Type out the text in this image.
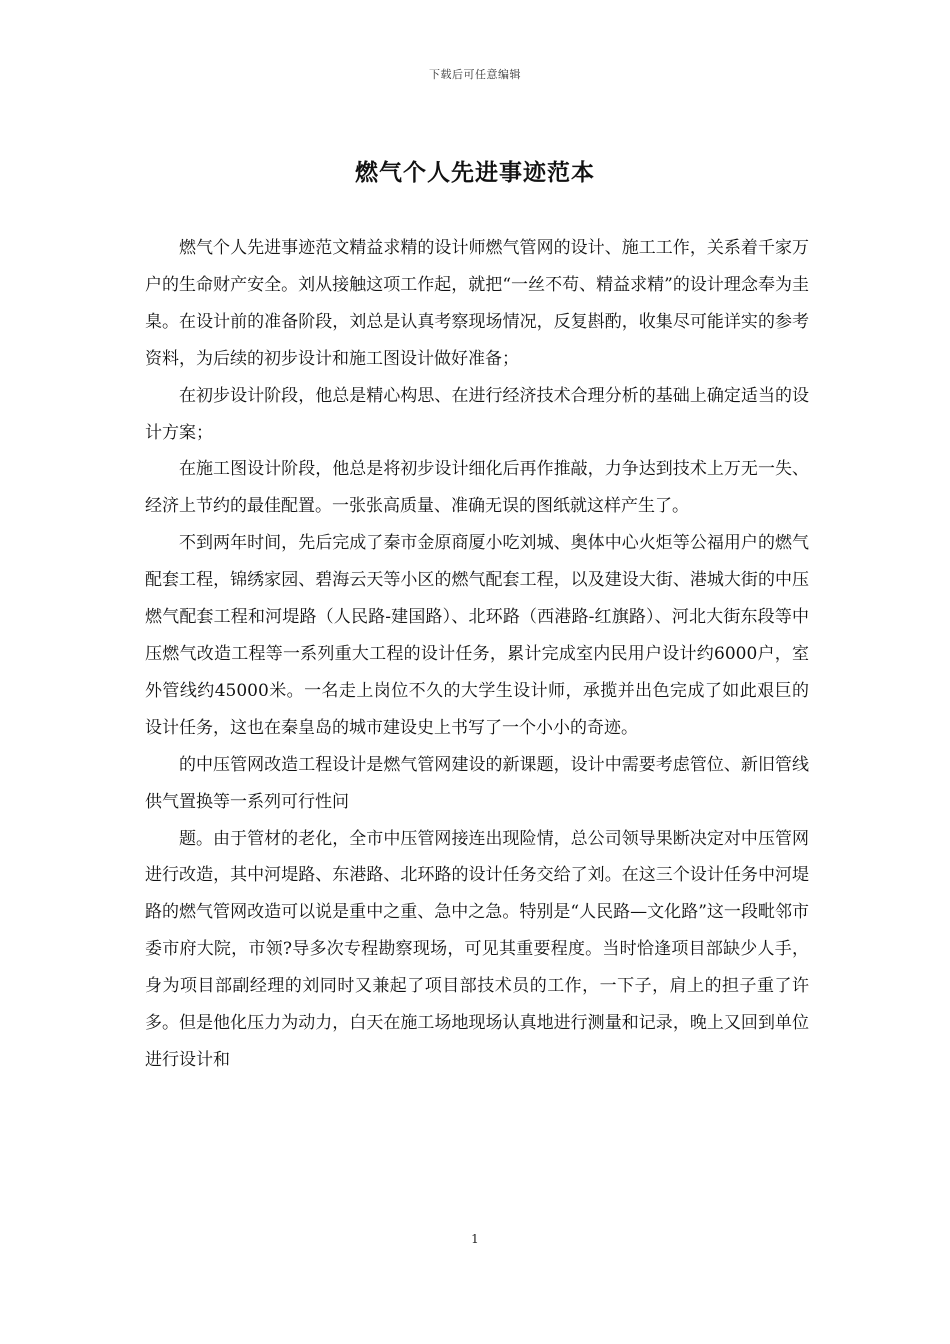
下载后可任意编辑
燃气个人先进事迹范本

燃气个人先进事迹范文精益求精的设计师燃气管网的设计、施工工作，关系着千家万户的生命财产安全。刘从接触这项工作起，就把“一丝不苟、精益求精”的设计理念奉为圭臬。在设计前的准备阶段，刘总是认真考察现场情况，反复斟酌，收集尽可能详实的参考资料，为后续的初步设计和施工图设计做好准备；

在初步设计阶段，他总是精心构思、在进行经济技术合理分析的基础上确定适当的设计方案；

在施工图设计阶段，他总是将初步设计细化后再作推敲，力争达到技术上万无一失、经济上节约的最佳配置。一张张高质量、准确无误的图纸就这样产生了。

不到两年时间，先后完成了秦市金原商厦小吃刘城、奥体中心火炬等公福用户的燃气配套工程，锦绣家园、碧海云天等小区的燃气配套工程，以及建设大街、港城大街的中压燃气配套工程和河堤路（人民路-建国路）、北环路（西港路-红旗路）、河北大街东段等中压燃气改造工程等一系列重大工程的设计任务，累计完成室内民用户设计约6000户，室外管线约45000米。一名走上岗位不久的大学生设计师，承揽并出色完成了如此艰巨的设计任务，这也在秦皇岛的城市建设史上书写了一个小小的奇迹。

的中压管网改造工程设计是燃气管网建设的新课题，设计中需要考虑管位、新旧管线供气置换等一系列可行性问

题。由于管材的老化，全市中压管网接连出现险情，总公司领导果断决定对中压管网进行改造，其中河堤路、东港路、北环路的设计任务交给了刘。在这三个设计任务中河堤路的燃气管网改造可以说是重中之重、急中之急。特别是“人民路—文化路”这一段毗邻市委市府大院，市领?导多次专程勘察现场，可见其重要程度。当时恰逢项目部缺少人手，身为项目部副经理的刘同时又兼起了项目部技术员的工作，一下子，肩上的担子重了许多。但是他化压力为动力，白天在施工场地现场认真地进行测量和记录，晚上又回到单位进行设计和

1
